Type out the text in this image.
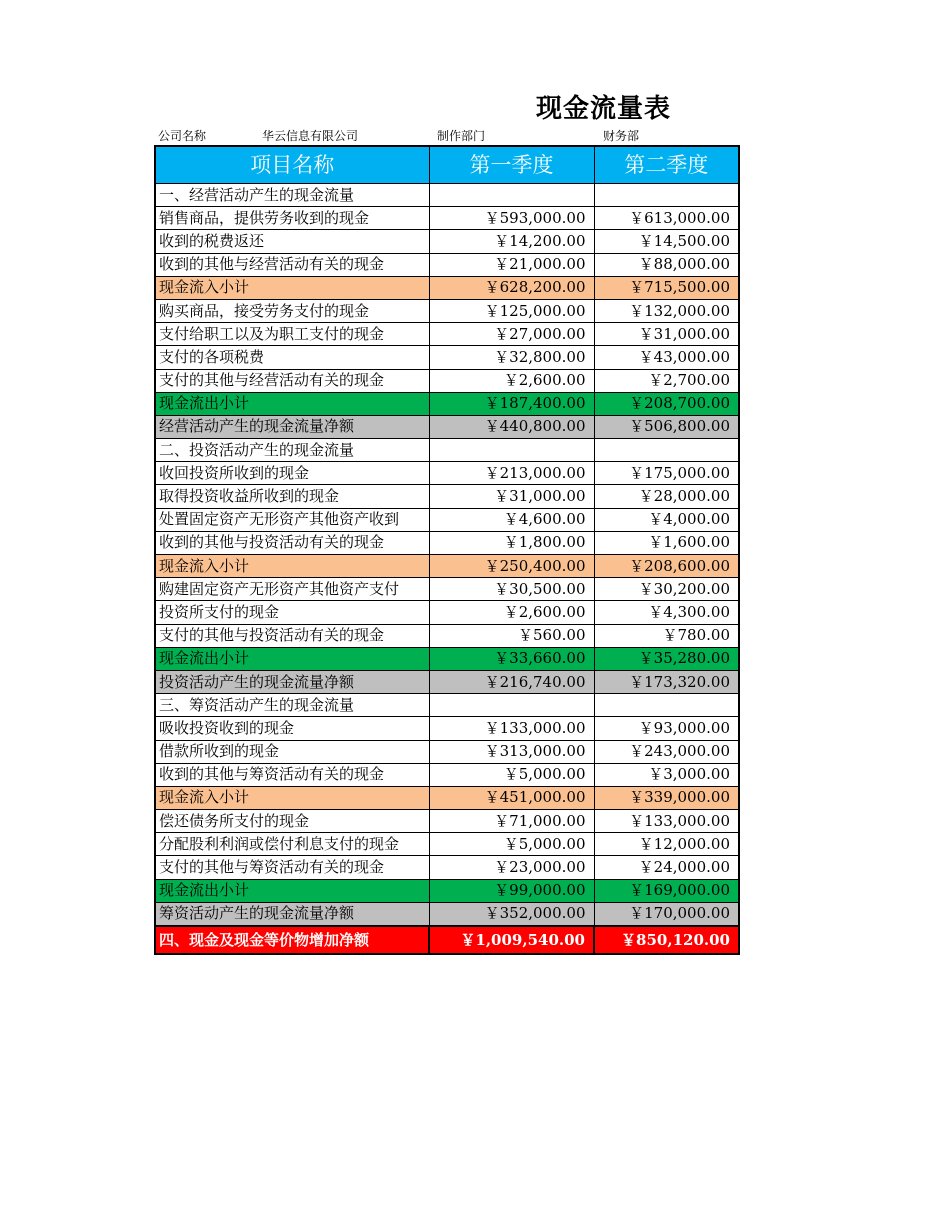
现金流量表
公司名称	华云信息有限公司	制作部门	财务部
项目名称	第一季度	第二季度
一、经营活动产生的现金流量		
销售商品，提供劳务收到的现金	￥593,000.00	￥613,000.00
收到的税费返还	￥14,200.00	￥14,500.00
收到的其他与经营活动有关的现金	￥21,000.00	￥88,000.00
现金流入小计	￥628,200.00	￥715,500.00
购买商品，接受劳务支付的现金	￥125,000.00	￥132,000.00
支付给职工以及为职工支付的现金	￥27,000.00	￥31,000.00
支付的各项税费	￥32,800.00	￥43,000.00
支付的其他与经营活动有关的现金	￥2,600.00	￥2,700.00
现金流出小计	￥187,400.00	￥208,700.00
经营活动产生的现金流量净额	￥440,800.00	￥506,800.00
二、投资活动产生的现金流量		
收回投资所收到的现金	￥213,000.00	￥175,000.00
取得投资收益所收到的现金	￥31,000.00	￥28,000.00
处置固定资产无形资产其他资产收到	￥4,600.00	￥4,000.00
收到的其他与投资活动有关的现金	￥1,800.00	￥1,600.00
现金流入小计	￥250,400.00	￥208,600.00
购建固定资产无形资产其他资产支付	￥30,500.00	￥30,200.00
投资所支付的现金	￥2,600.00	￥4,300.00
支付的其他与投资活动有关的现金	￥560.00	￥780.00
现金流出小计	￥33,660.00	￥35,280.00
投资活动产生的现金流量净额	￥216,740.00	￥173,320.00
三、筹资活动产生的现金流量		
吸收投资收到的现金	￥133,000.00	￥93,000.00
借款所收到的现金	￥313,000.00	￥243,000.00
收到的其他与筹资活动有关的现金	￥5,000.00	￥3,000.00
现金流入小计	￥451,000.00	￥339,000.00
偿还债务所支付的现金	￥71,000.00	￥133,000.00
分配股利利润或偿付利息支付的现金	￥5,000.00	￥12,000.00
支付的其他与筹资活动有关的现金	￥23,000.00	￥24,000.00
现金流出小计	￥99,000.00	￥169,000.00
筹资活动产生的现金流量净额	￥352,000.00	￥170,000.00
四、现金及现金等价物增加净额	￥1,009,540.00	￥850,120.00
